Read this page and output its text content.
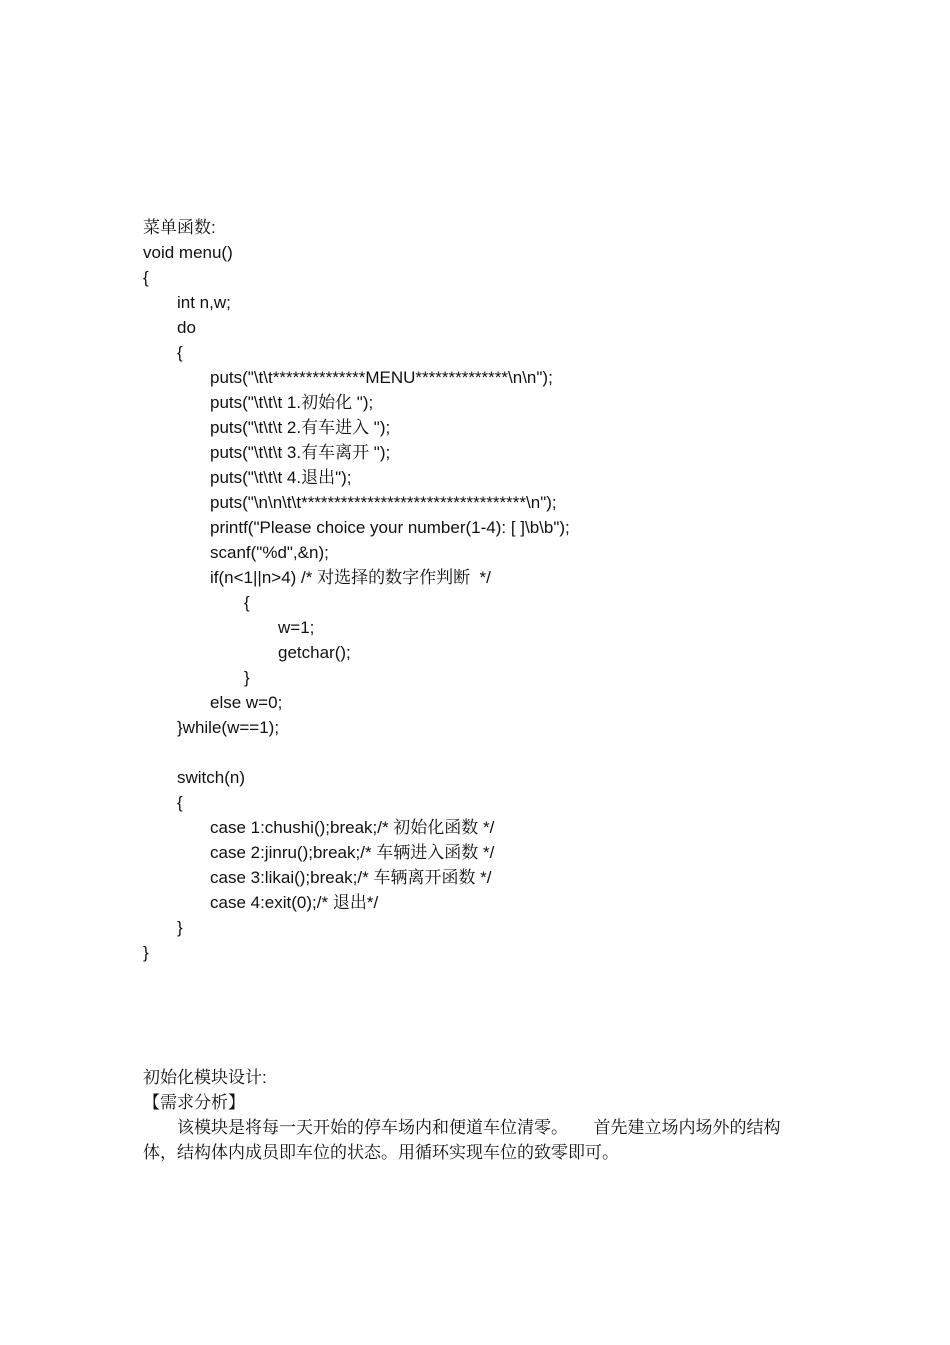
菜单函数:
void menu()
{
int n,w;
do
{
puts("\t\t**************MENU**************\n\n");
puts("\t\t\t 1.初始化 ");
puts("\t\t\t 2.有车进入 ");
puts("\t\t\t 3.有车离开 ");
puts("\t\t\t 4.退出");
puts("\n\n\t\t**********************************\n");
printf("Please choice your number(1-4): [ ]\b\b");
scanf("%d",&n);
if(n<1||n>4) /* 对选择的数字作判断  */
{
w=1;
getchar();
}
else w=0;
}while(w==1);
switch(n)
{
case 1:chushi();break;/* 初始化函数 */
case 2:jinru();break;/* 车辆进入函数 */
case 3:likai();break;/* 车辆离开函数 */
case 4:exit(0);/* 退出*/
}
}
初始化模块设计:
【需求分析】
该模块是将每一天开始的停车场内和便道车位清零。　　首先建立场内场外的结构体，结构体内成员即车位的状态。用循环实现车位的致零即可。
